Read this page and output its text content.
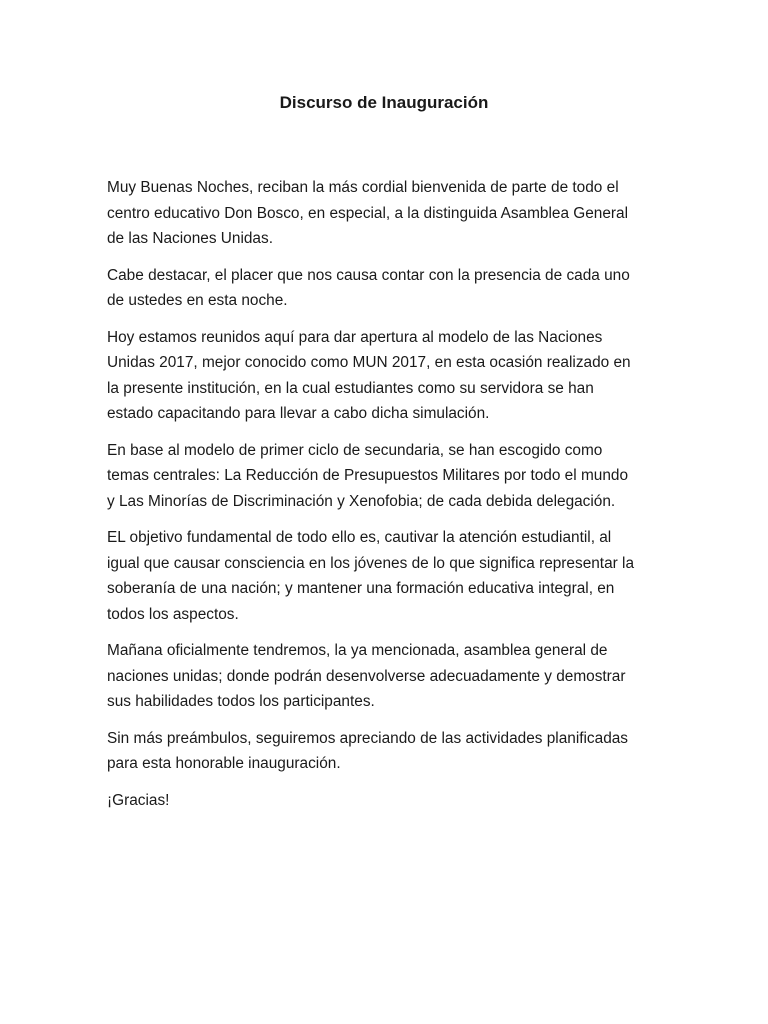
Discurso de Inauguración

Muy Buenas Noches, reciban la más cordial bienvenida de parte de todo el
centro educativo Don Bosco, en especial, a la distinguida Asamblea General
de las Naciones Unidas.

Cabe destacar, el placer que nos causa contar con la presencia de cada uno
de ustedes en esta noche.

Hoy estamos reunidos aquí para dar apertura al modelo de las Naciones
Unidas 2017, mejor conocido como MUN 2017, en esta ocasión realizado en
la presente institución, en la cual estudiantes como su servidora se han
estado capacitando para llevar a cabo dicha simulación.

En base al modelo de primer ciclo de secundaria, se han escogido como
temas centrales: La Reducción de Presupuestos Militares por todo el mundo
y Las Minorías de Discriminación y Xenofobia; de cada debida delegación.

EL objetivo fundamental de todo ello es, cautivar la atención estudiantil, al
igual que causar consciencia en los jóvenes de lo que significa representar la
soberanía de una nación; y mantener una formación educativa integral, en
todos los aspectos.

Mañana oficialmente tendremos, la ya mencionada, asamblea general de
naciones unidas; donde podrán desenvolverse adecuadamente y demostrar
sus habilidades todos los participantes.

Sin más preámbulos, seguiremos apreciando de las actividades planificadas
para esta honorable inauguración.

¡Gracias!
